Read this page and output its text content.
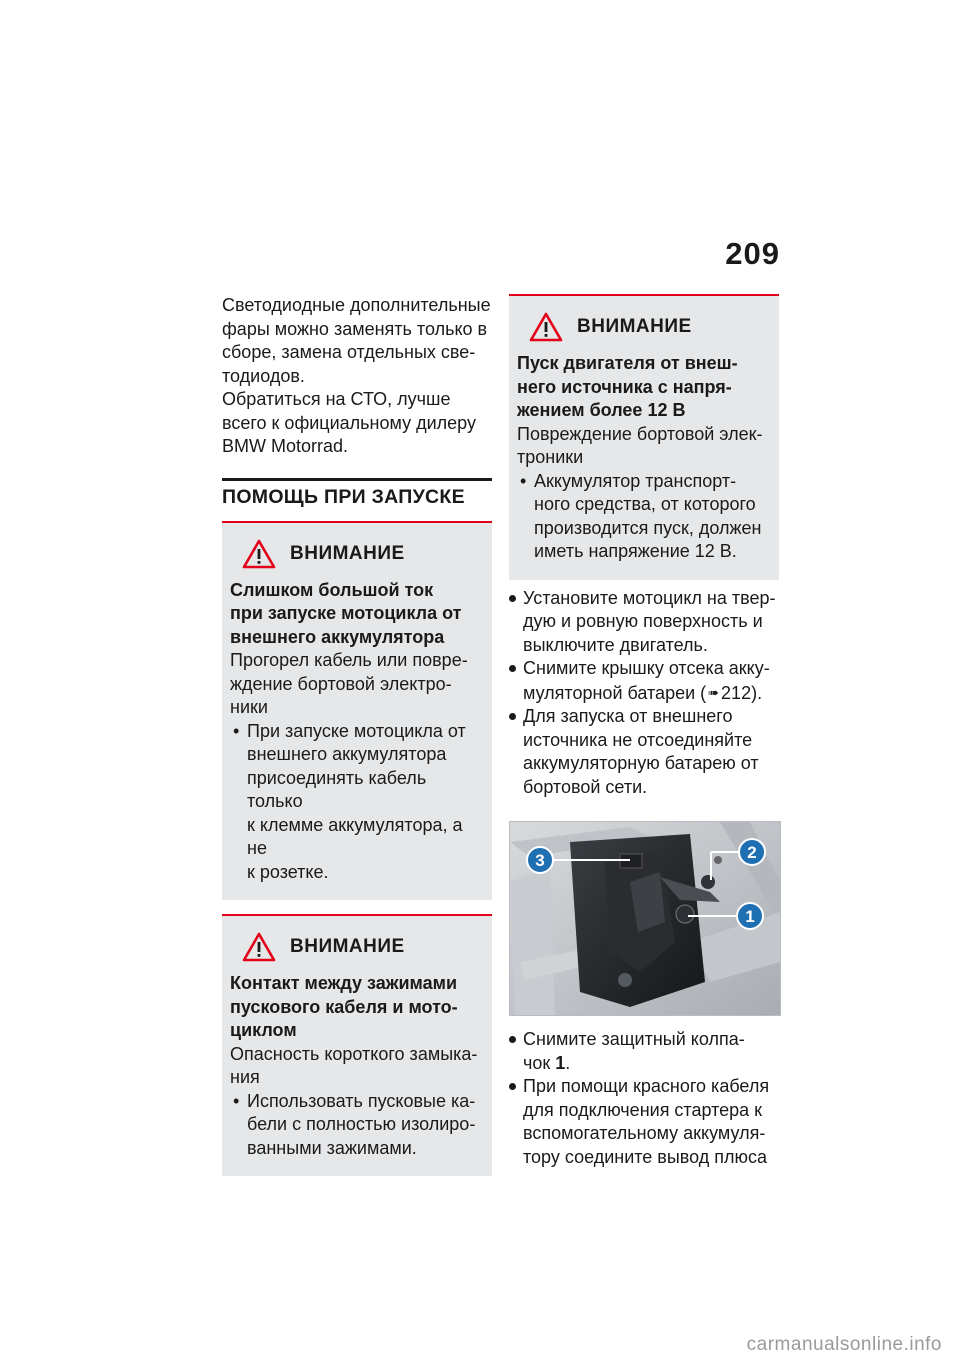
209

Светодиодные дополнительные

фары можно заменять только в

сборе, замена отдельных све-

тодиодов.

Обратиться на СТО, лучше

всего к официальному дилеру

BMW Motorrad.

ПОМОЩЬ ПРИ ЗАПУСКЕ
ВНИМАНИЕ
Слишком большой ток
при запуске мотоцикла от
внешнего аккумулятора
Прогорел кабель или повре-
ждение бортовой электро-
ники
• При запуске мотоцикла от
внешнего аккумулятора
присоединять кабель только
к клемме аккумулятора, а не
к розетке.
ВНИМАНИЕ
Контакт между зажимами
пускового кабеля и мото-
циклом
Опасность короткого замыка-
ния
• Использовать пусковые ка-
бели с полностью изолиро-
ванными зажимами.
ВНИМАНИЕ
Пуск двигателя от внеш-
него источника с напря-
жением более 12 В
Повреждение бортовой элек-
троники
• Аккумулятор транспорт-
ного средства, от которого
производится пуск, должен
иметь напряжение 12 В.
Установите мотоцикл на твер-
дую и ровную поверхность и
выключите двигатель.
Снимите крышку отсека акку-
муляторной батареи ( ➠ 212).
Для запуска от внешнего
источника не отсоединяйте
аккумуляторную батарею от
бортовой сети.
3	2
1
Снимите защитный колпа-
чок 1.
При помощи красного кабеля
для подключения стартера к
вспомогательному аккумуля-
тору соедините вывод плюса
carmanualsonline.info
